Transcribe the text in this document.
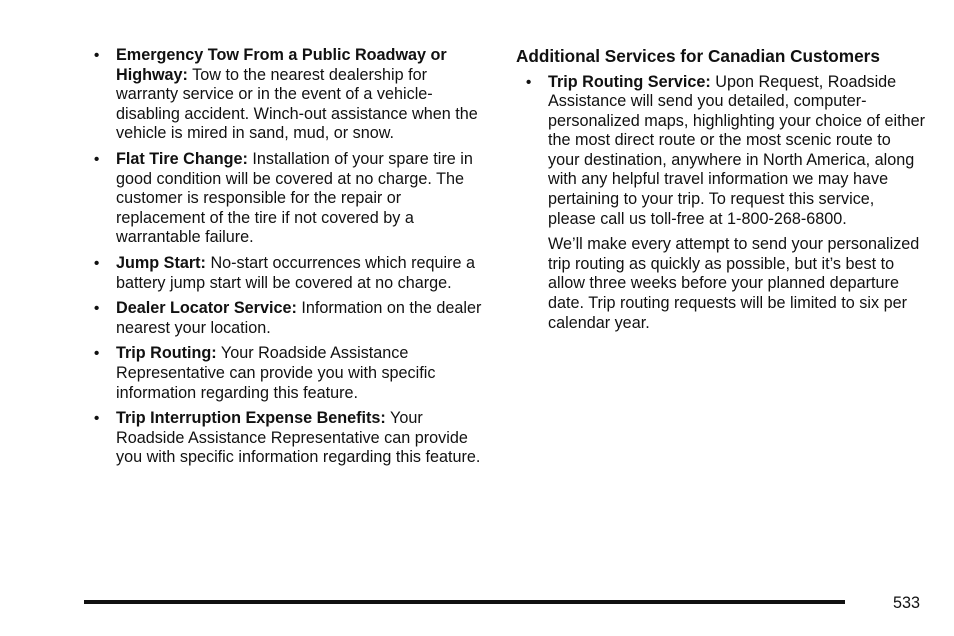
• Emergency Tow From a Public Roadway or Highway: Tow to the nearest dealership for warranty service or in the event of a vehicle-disabling accident. Winch-out assistance when the vehicle is mired in sand, mud, or snow.
• Flat Tire Change: Installation of your spare tire in good condition will be covered at no charge. The customer is responsible for the repair or replacement of the tire if not covered by a warrantable failure.
• Jump Start: No-start occurrences which require a battery jump start will be covered at no charge.
• Dealer Locator Service: Information on the dealer nearest your location.
• Trip Routing: Your Roadside Assistance Representative can provide you with specific information regarding this feature.
• Trip Interruption Expense Benefits: Your Roadside Assistance Representative can provide you with specific information regarding this feature.
Additional Services for Canadian Customers
• Trip Routing Service: Upon Request, Roadside Assistance will send you detailed, computer-personalized maps, highlighting your choice of either the most direct route or the most scenic route to your destination, anywhere in North America, along with any helpful travel information we may have pertaining to your trip. To request this service, please call us toll-free at 1-800-268-6800.
We’ll make every attempt to send your personalized trip routing as quickly as possible, but it’s best to allow three weeks before your planned departure date. Trip routing requests will be limited to six per calendar year.
533
